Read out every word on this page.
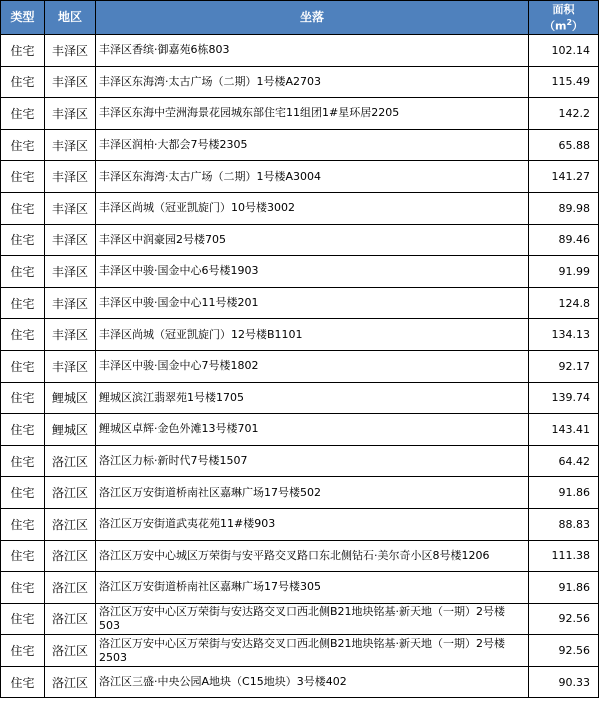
类型	地区	坐落	面积
$(m^2)$
住宅	丰泽区	丰泽区香缤·御嘉苑6栋803	102.14
住宅	丰泽区	丰泽区东海湾·太古广场（二期）1号楼A2703	115.49
住宅	丰泽区	丰泽区东海中茔洲海景花园城东部住宅11组团1#星环居2205	142.2
住宅	丰泽区	丰泽区润柏·大都会7号楼2305	65.88
住宅	丰泽区	丰泽区东海湾·太古广场（二期）1号楼A3004	141.27
住宅	丰泽区	丰泽区尚城（冠亚凯旋门）10号楼3002	89.98
住宅	丰泽区	丰泽区中润豪园2号楼705	89.46
住宅	丰泽区	丰泽区中骏·国金中心6号楼1903	91.99
住宅	丰泽区	丰泽区中骏·国金中心11号楼201	124.8
住宅	丰泽区	丰泽区尚城（冠亚凯旋门）12号楼B1101	134.13
住宅	丰泽区	丰泽区中骏·国金中心7号楼1802	92.17
住宅	鲤城区	鲤城区滨江翡翠苑1号楼1705	139.74
住宅	鲤城区	鲤城区卓辉·金色外滩13号楼701	143.41
住宅	洛江区	洛江区力标·新时代7号楼1507	64.42
住宅	洛江区	洛江区万安街道桥南社区嘉琳广场17号楼502	91.86
住宅	洛江区	洛江区万安街道武夷花苑11#楼903	88.83
住宅	洛江区	洛江区万安中心城区万荣街与安平路交叉路口东北侧钻石·美尔奇小区8号楼1206	111.38
住宅	洛江区	洛江区万安街道桥南社区嘉琳广场17号楼305	91.86
住宅	洛江区	洛江区万安中心区万荣街与安达路交叉口西北侧B21地块铭基·新天地（一期）2号楼503	92.56
住宅	洛江区	洛江区万安中心区万荣街与安达路交叉口西北侧B21地块铭基·新天地（一期）2号楼2503	92.56
住宅	洛江区	洛江区三盛·中央公园A地块（C15地块）3号楼402	90.33
